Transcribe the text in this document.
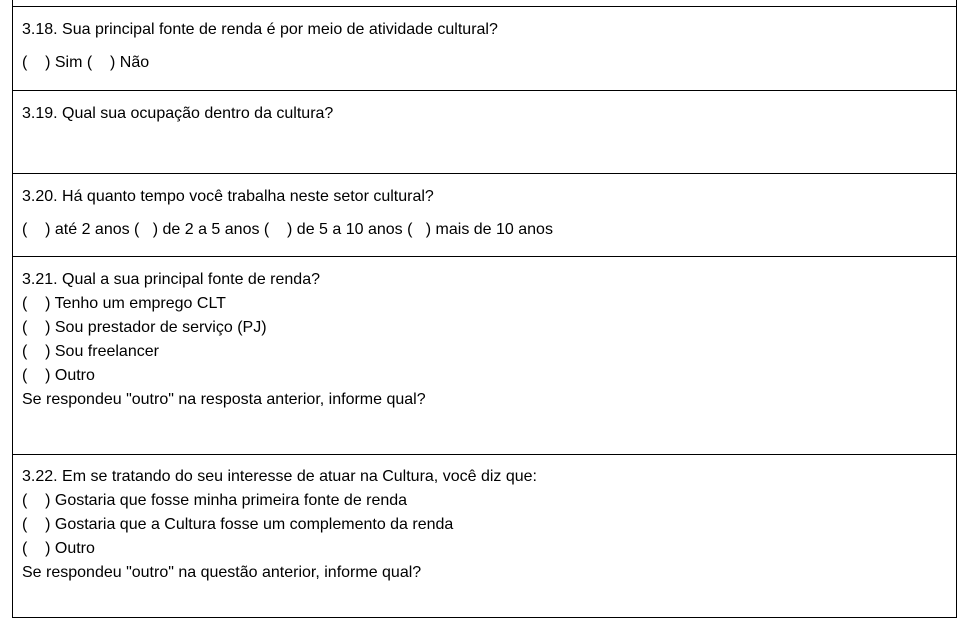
3.18. Sua principal fonte de renda é por meio de atividade cultural?
(    ) Sim (    ) Não
3.19. Qual sua ocupação dentro da cultura?
3.20. Há quanto tempo você trabalha neste setor cultural?
(    ) até 2 anos (   ) de 2 a 5 anos (    ) de 5 a 10 anos (   ) mais de 10 anos
3.21. Qual a sua principal fonte de renda?
(    ) Tenho um emprego CLT
(    ) Sou prestador de serviço (PJ)
(    ) Sou freelancer
(    ) Outro
Se respondeu "outro" na resposta anterior, informe qual?
3.22. Em se tratando do seu interesse de atuar na Cultura, você diz que:
(    ) Gostaria que fosse minha primeira fonte de renda
(    ) Gostaria que a Cultura fosse um complemento da renda
(    ) Outro
Se respondeu "outro" na questão anterior, informe qual?
